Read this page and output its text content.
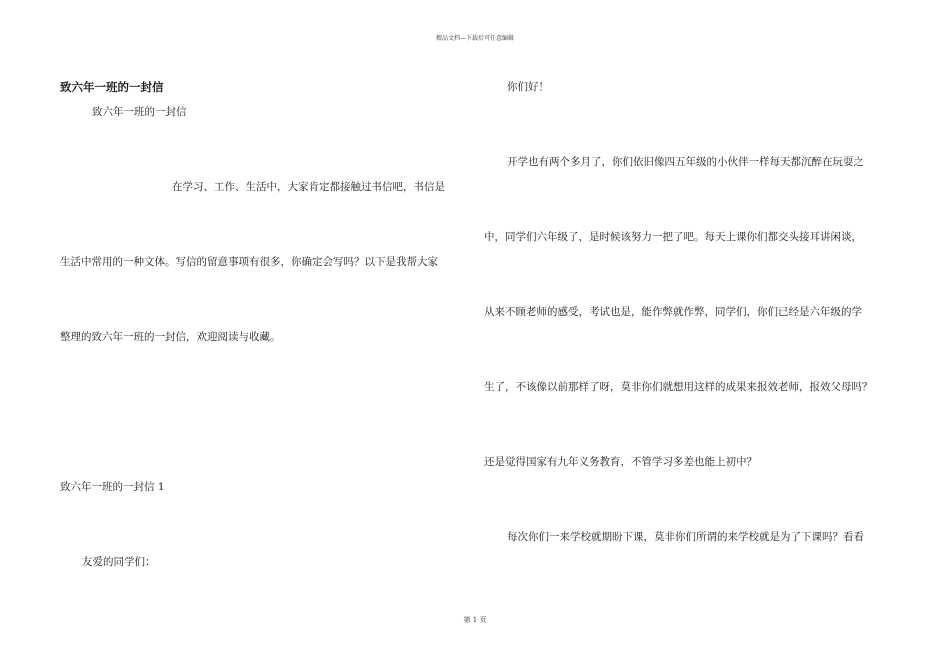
精品文档---下载后可任意编辑
致六年一班的一封信
致六年一班的一封信
在学习、工作、生活中，大家肯定都接触过书信吧，书信是
生活中常用的一种文体。写信的留意事项有很多，你确定会写吗？以下是我帮大家
整理的致六年一班的一封信，欢迎阅读与收藏。
致六年一班的一封信 1
友爱的同学们：
你们好！
开学也有两个多月了，你们依旧像四五年级的小伙伴一样每天都沉醉在玩耍之
中，同学们六年级了，是时候该努力一把了吧。每天上课你们都交头接耳讲闲谈，
从来不顾老师的感受，考试也是，能作弊就作弊，同学们，你们已经是六年级的学
生了，不该像以前那样了呀，莫非你们就想用这样的成果来报效老师，报效父母吗？
还是觉得国家有九年义务教育，不管学习多差也能上初中？
每次你们一来学校就期盼下课，莫非你们所谓的来学校就是为了下课吗？看看
第 1 页
